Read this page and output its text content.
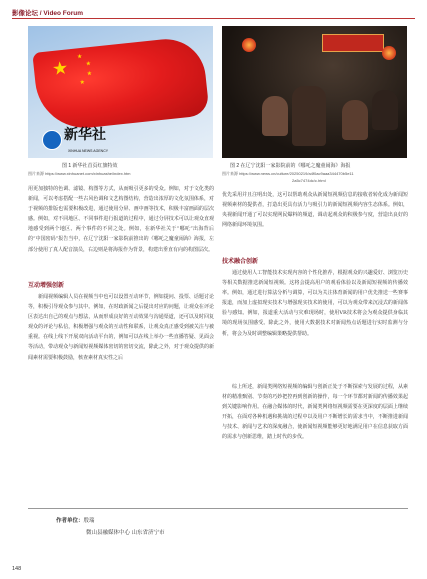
影像论坛 / Video Forum
★
★
★
★
★
新华社
XINHUA NEWS AGENCY
图 1 新华社首页红旗特效
图片来源 https://www.xinhuanet.com/xinhuashe/index.htm
图 2 在辽宁沈阳一家影院前的《哪吒之魔童闹海》海报
图片来源 https://www.news.cn/culture/20250219/a4f0ac9aaa344470b5e11
2a5c7474dc/c.html

用更加独特的色调、滤镜、构图等方式，从而吸引更多的受众。例如，对于文化类的新闻，可以考虑搭配一些古风色调和文艺构图结构，营造出浓厚的文化氛围体系，对于视频的排版也需要积极改进，通过使用分屏、画中画等技术，积极丰富画面的层次感。例如，对不同地区、不同事件进行报道的过程中，通过分屏技术可以让观众直观地感受到两个地区、两个事件的不同之处。例如，在新华社关于“哪吒”出海背后的“中国密码”报告当中，在辽宁沈阳一家影院前推出的《哪吒之魔童闹海》海报，左部分使用了真人配音演员，右边则是将海报作为背景，构建出垂直有向的构图层次。

互动增强创新

新闻视频编辑人员在视频当中也可以设置互动环节，例如提问、投票、话题讨论等，积极引导观众参与其中。例如，在时政新闻之后提出对应的问题，让观众在评论区表达出自己的观点与想法，从而形成良好的互动效果与沟通渠道，还可以及时回复观众的评论与私信，积极增强与观众的互动性和联系，让观众真正感受到被关注与被重视。在线上线下开展双向活动平台的，例如可以在线上举办一些直播答疑、见面会等活动，带动观众与新闻短视频媒体密切的密切交流，除此之外，对于观众提供的新闻素材需要积极鼓励，核查素材真实性之后

优先采用并且注明出处，这可以帮助观众从新闻短视频信息的接收者转化成为新闻短视频素材的提供者，打造出更具有活力与吸引力的新闻短视频内容生态体系。例如，央视新闻开通了可以实现网民爆料的频道，调动起观众的积极参与度，营造出良好的网络新闻环境氛围。

技术融合创新

通过使用人工智能技术实现内容的个性化推荐，根据观众的兴趣爱好、浏览历史等相关数据推送新闻短视频。这将会提高用户的观看体验以及新闻短视频的传播效率。例如，通过进行算法分析与调算，可以为关注体育新闻的用户优先推送一些赛事报道，而加上虚拟现实技术与增强现实技术的使用，可以为观众带来沉浸式的新闻体验与感知。例如，报道重大活动与灾难现场时，使用VR技术将会为观众提供身临其境的现场氛围感受。除此之外，使用大数据技术对新闻热点话题进行实时监测与分析，将会为及时调整编辑策略提供帮助。

综上所述，新闻类网络短视频的编辑与创新正处于不断探索与发展的过程，从素材的精准甄别、节奏的巧妙把控再到创新的操作，每一个环节都对新闻的传播效果起到关键影响作用。在融合媒体的时代，新闻类网络短视频需要在更深度的层面上继续开拓，在面对各种机遇和挑战的过程中以及用户不断增长的需求当中，不断推进新闻与技术、新闻与艺术的深度融合，使新闻短视频能够更好地满足用户在信息获取方面的需求与创新思维，踏上时代的步伐。

作者单位：殷瑞
微山县融媒体中心 山东省济宁市
148
